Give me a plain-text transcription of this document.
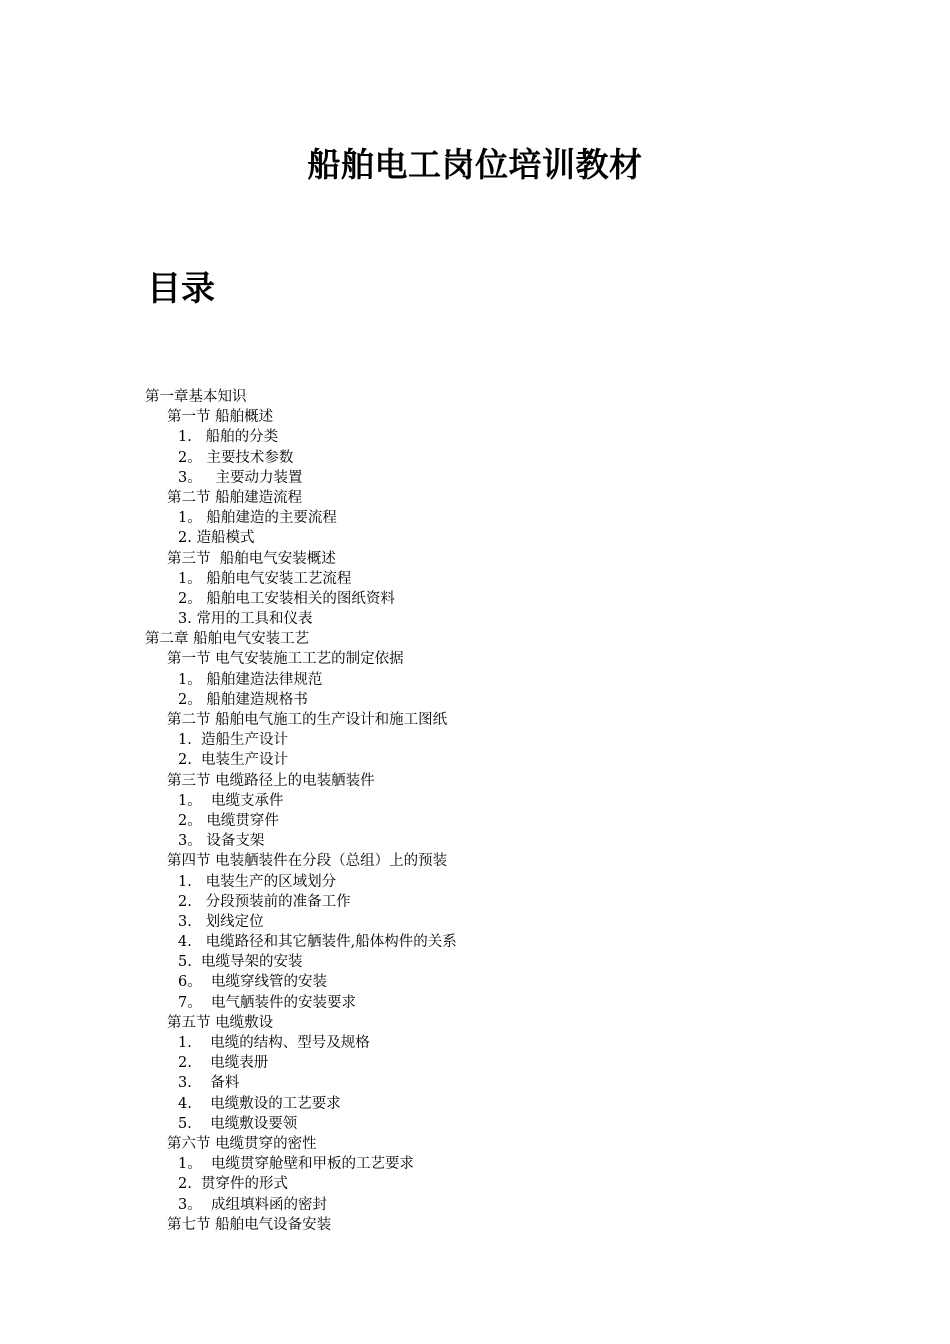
船舶电工岗位培训教材
目录
第一章基本知识
第一节 船舶概述
1.   船舶的分类
2。 主要技术参数
3。   主要动力装置
第二节 船舶建造流程
1。 船舶建造的主要流程
2. 造船模式
第三节  船舶电气安装概述
1。 船舶电气安装工艺流程
2。 船舶电工安装相关的图纸资料
3. 常用的工具和仪表
第二章 船舶电气安装工艺
第一节 电气安装施工工艺的制定依据
1。 船舶建造法律规范
2。 船舶建造规格书
第二节 船舶电气施工的生产设计和施工图纸
1.  造船生产设计
2.  电装生产设计
第三节 电缆路径上的电装舾装件
1。  电缆支承件
2。 电缆贯穿件
3。 设备支架
第四节 电装舾装件在分段（总组）上的预装
1.   电装生产的区域划分
2.   分段预装前的准备工作
3.   划线定位
4.   电缆路径和其它舾装件,船体构件的关系
5.  电缆导架的安装
6。  电缆穿线管的安装
7。  电气舾装件的安装要求
第五节 电缆敷设
1.    电缆的结构、型号及规格
2.    电缆表册
3.    备料
4.    电缆敷设的工艺要求
5.    电缆敷设要领
第六节 电缆贯穿的密性
1。  电缆贯穿舱壁和甲板的工艺要求
2.  贯穿件的形式
3。  成组填料函的密封
第七节 船舶电气设备安装
